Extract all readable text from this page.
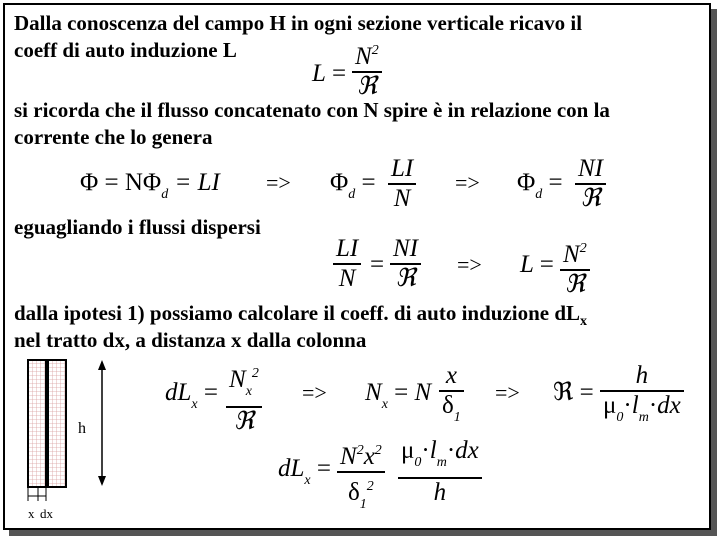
Dalla conoscenza del campo H in ogni sezione verticale ricavo il
coeff di auto induzione L
L =
$N^2$
ℜ
si ricorda che il flusso concatenato con N spire è in relazione con la
corrente che lo genera
$\Phi = N\Phi_d$ = LI => $\Phi_d$ =
LI
N
=> $\Phi_d$ =
NI
ℜ
eguagliando i flussi dispersi
LI
N =
NI
ℜ => $L = N^2$
ℜ
dalla ipotesi 1) possiamo calcolare il coeff. di auto induzione $dL_x$
nel tratto dx, a distanza x dalla colonna
h
x dx
$dL_x = N_x^2$
ℜ
=> $N_x = N$
x
$\delta_1$
=> ℜ =
h
$\mu_0\cdot l_m\cdot dx$
$dL_x = N^2x^2$
$\delta_1^2$
$\mu_0\cdot l_m\cdot dx$
h
